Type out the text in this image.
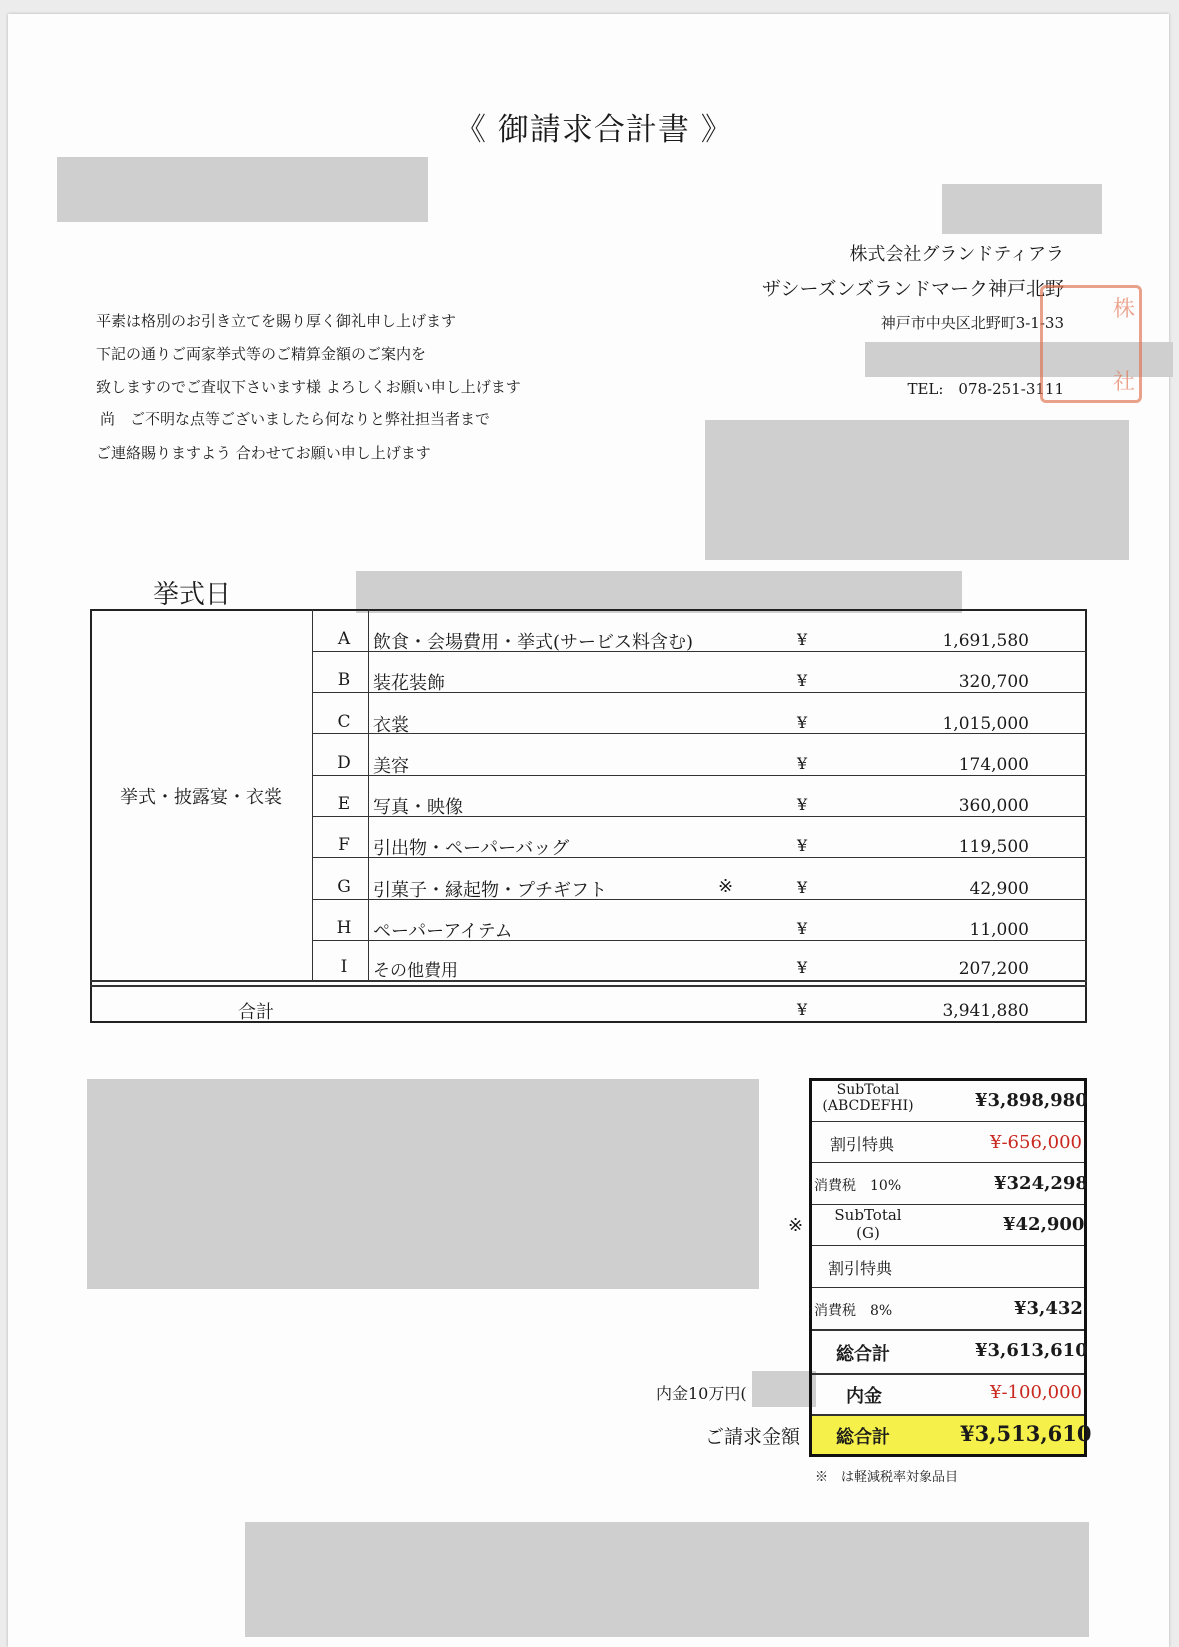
《 御請求合計書 》
株式会社グランドティアラ
ザシーズンズランドマーク神戸北野
神戸市中央区北野町3-1-33
TEL:　078-251-3111
株
社
平素は格別のお引き立てを賜り厚く御礼申し上げます
下記の通りご両家挙式等のご精算金額のご案内を
致しますのでご査収下さいます様 よろしくお願い申し上げます
尚　ご不明な点等ございましたら何なりと弊社担当者まで
ご連絡賜りますよう 合わせてお願い申し上げます
挙式日
挙式・披露宴・衣裳
A 飲食・会場費用・挙式(サービス料含む)	¥	1,691,580
B 装花装飾	¥	320,700
C 衣裳	¥	1,015,000
D 美容	¥	174,000
E 写真・映像	¥	360,000
F 引出物・ペーパーバッグ	¥	119,500
G 引菓子・縁起物・プチギフト	※	¥	42,900
H ペーパーアイテム	¥	11,000
I	その他費用	¥	207,200
合計	¥	3,941,880
SubTotal
(ABCDEFHI)	¥3,898,980
割引特典	¥-656,000
消費税　10%	¥324,298
※	SubTotal
(G)	¥42,900
割引特典
消費税　8%	¥3,432
総合計	¥3,613,610
内金	¥-100,000
総合計	¥3,513,610
内金10万円(
ご請求金額
※　は軽減税率対象品目
